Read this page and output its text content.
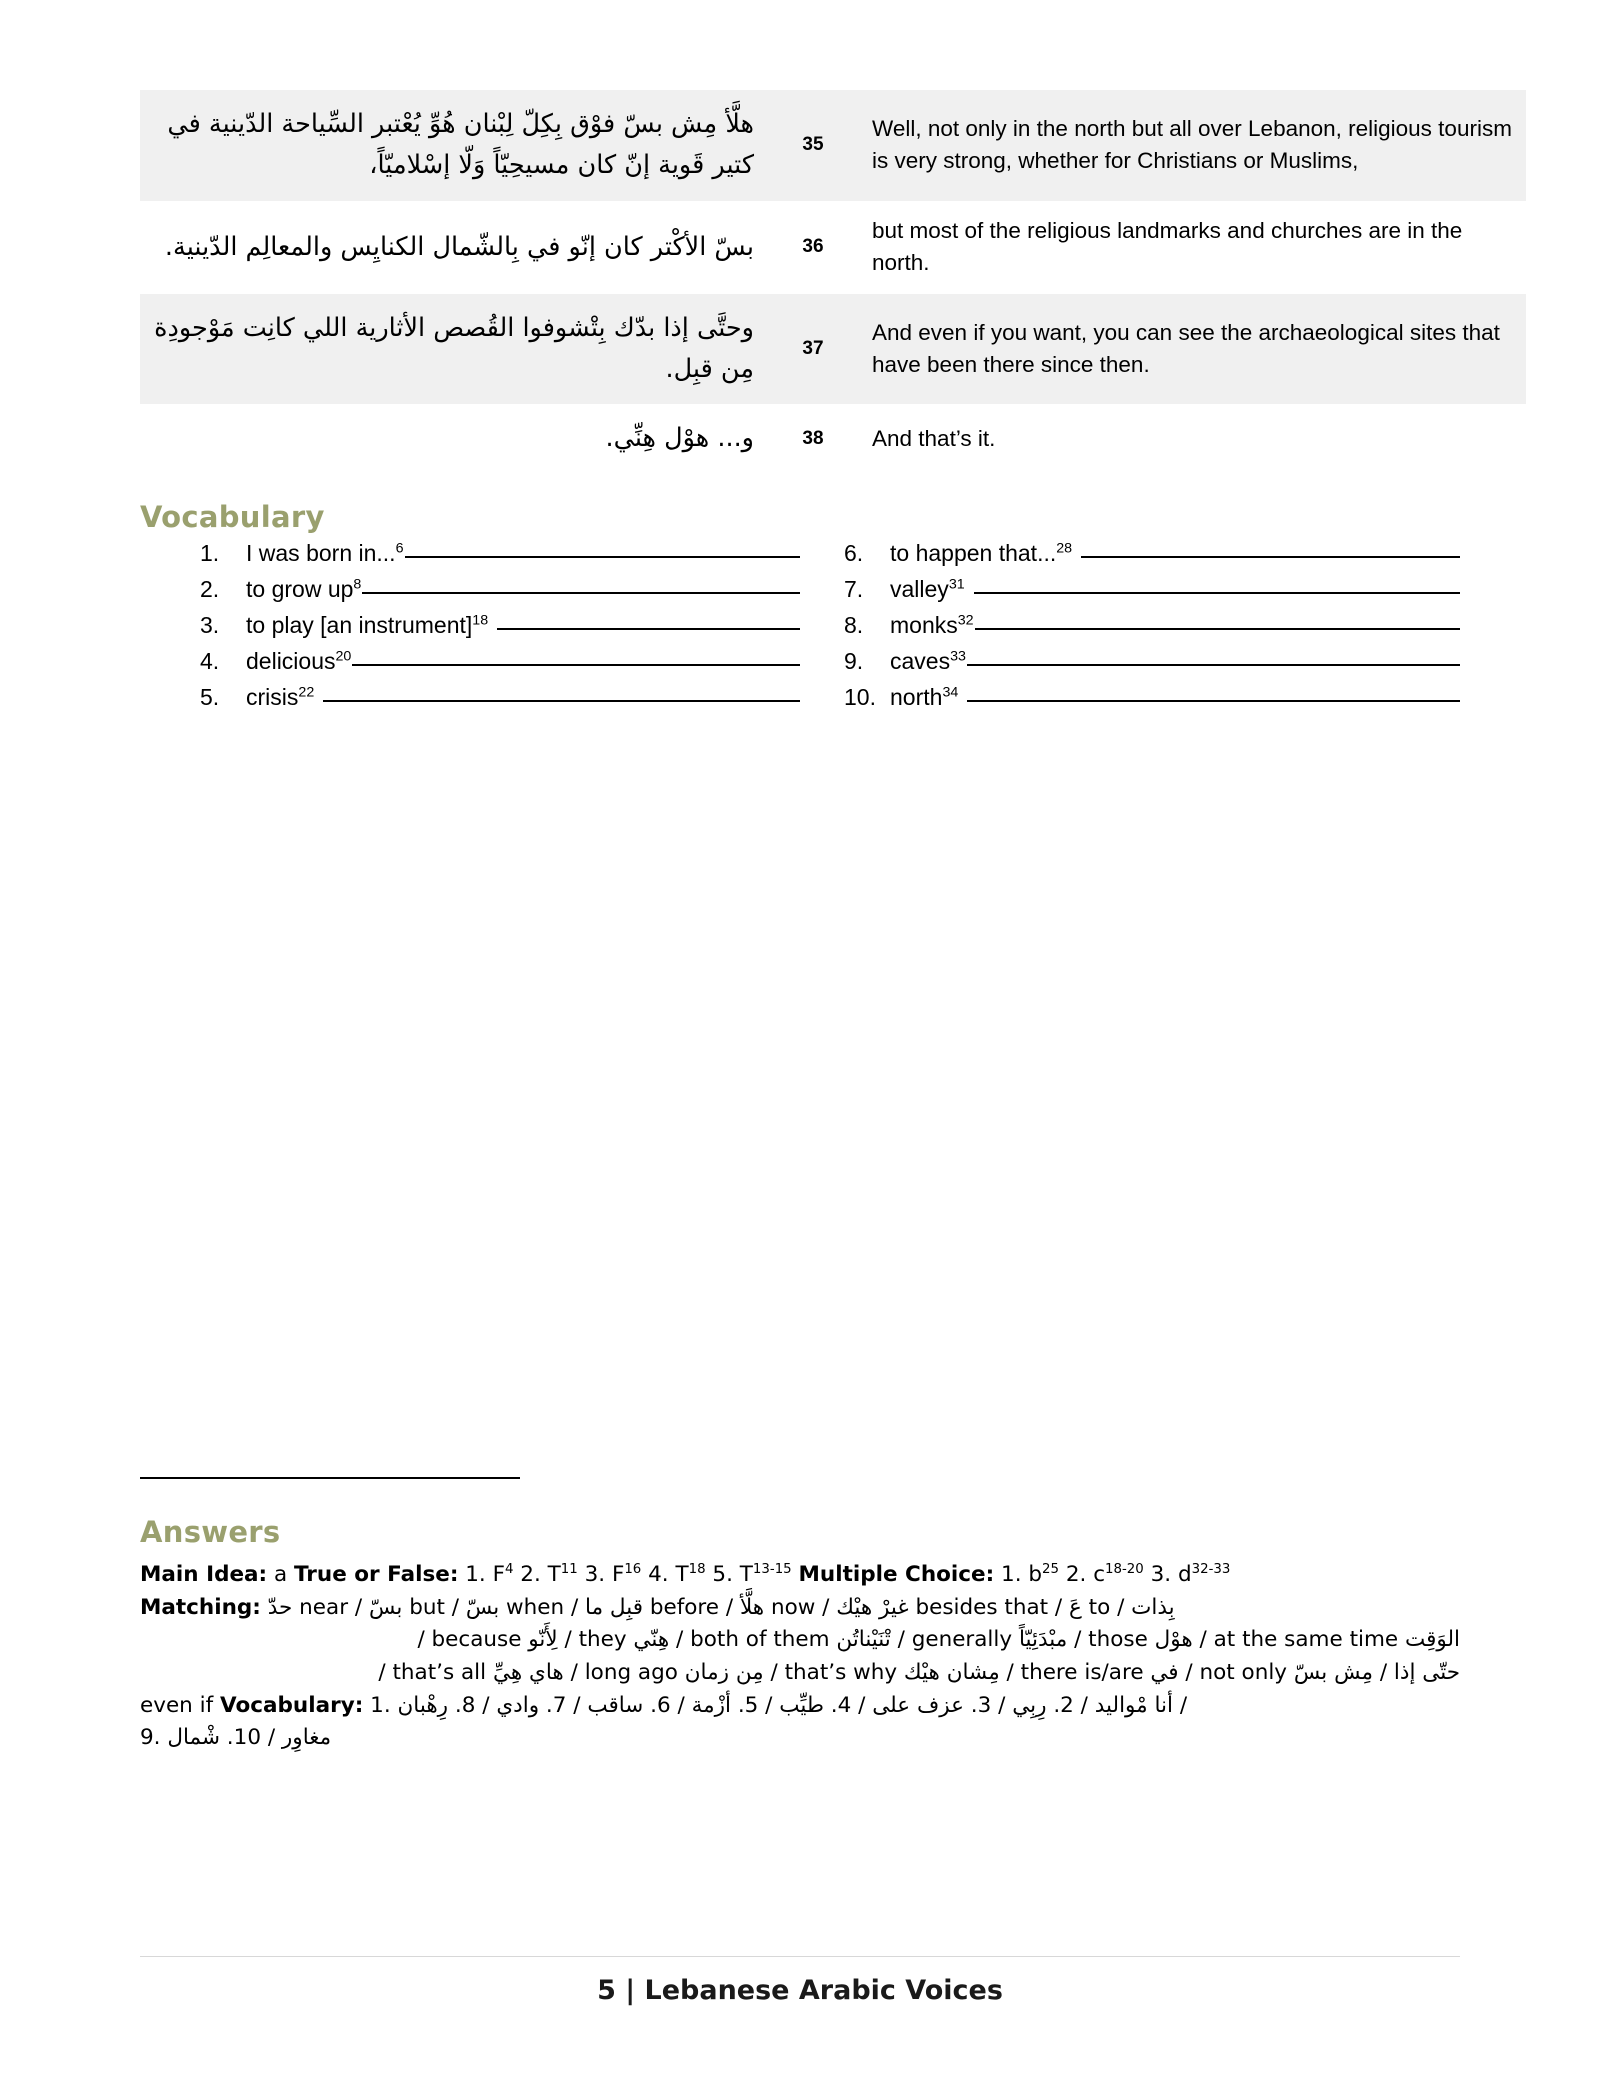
هلَّأ مِش بسّ فوْق بِكِلّ لِبْنان هُوِّ يُعْتبر السِّياحة الدّينية في كتير قَوية إنّ كان مسيحِيّاً وَلّا إسْلاميّاً،	35	Well, not only in the north but all over Lebanon, religious tourism is very strong, whether for Christians or Muslims,
بسّ الأكْتر كان إنّو في بِالشّمال الكنايِس والمعالِم الدّينية.	36	but most of the religious landmarks and churches are in the north.
وحتَّى إذا بدّك بِتْشوفوا القُصص الأثارية اللي كانِت مَوْجودِة مِن قبِل.	37	And even if you want, you can see the archaeological sites that have been there since then.
و... هوْل هِنِّي.	38	And that’s it.
Vocabulary
1.	I was born in...$^6$
2.	to grow $up^8$
3.	to play [an instrument]$^{18}$
4.	delicious$^{20}$
5.	crisis$^{22}$
6.	to happen that...$^{28}$
7.	valley$^{31}$
8.	monks$^{32}$
9.	caves$^{33}$
10. north$^{34}$
Answers

Main Idea: a True or False: 1. $F^4$ 2. $T^{11}$ 3. $F^{16}$ 4. $T^{18}$ 5. $T^{13-15}$ Multiple Choice: 1. $b^{25}$ 2. $c^{18-20}$ 3. $d^{32-33}$

Matching: حدّ near / بسّ but / بسّ when / قبِل ما before / هلَّأ now / غيرْ هيْك besides that / عَ to / بِذات

الوَقِت at the same time / هوْل those / مبْدَئِيّاً generally / تْنَيْناتُن both of them / هِنّي they / لِأَنّو because /

حتّى إذا / مِش بسّ not only / في there is/are / مِشان هيْك that’s why / مِن زمان long ago / هاي هِيِّ that’s all /

even if Vocabulary: 1. أنا مْواليد / 2. رِبِي / 3. عزف على / 4. طيِّب / 5. أزْمة / 6. ساقب / 7. وادي / 8. رِهْبان /

9. مغاوِر / 10. شْمال

5 | Lebanese Arabic Voices
